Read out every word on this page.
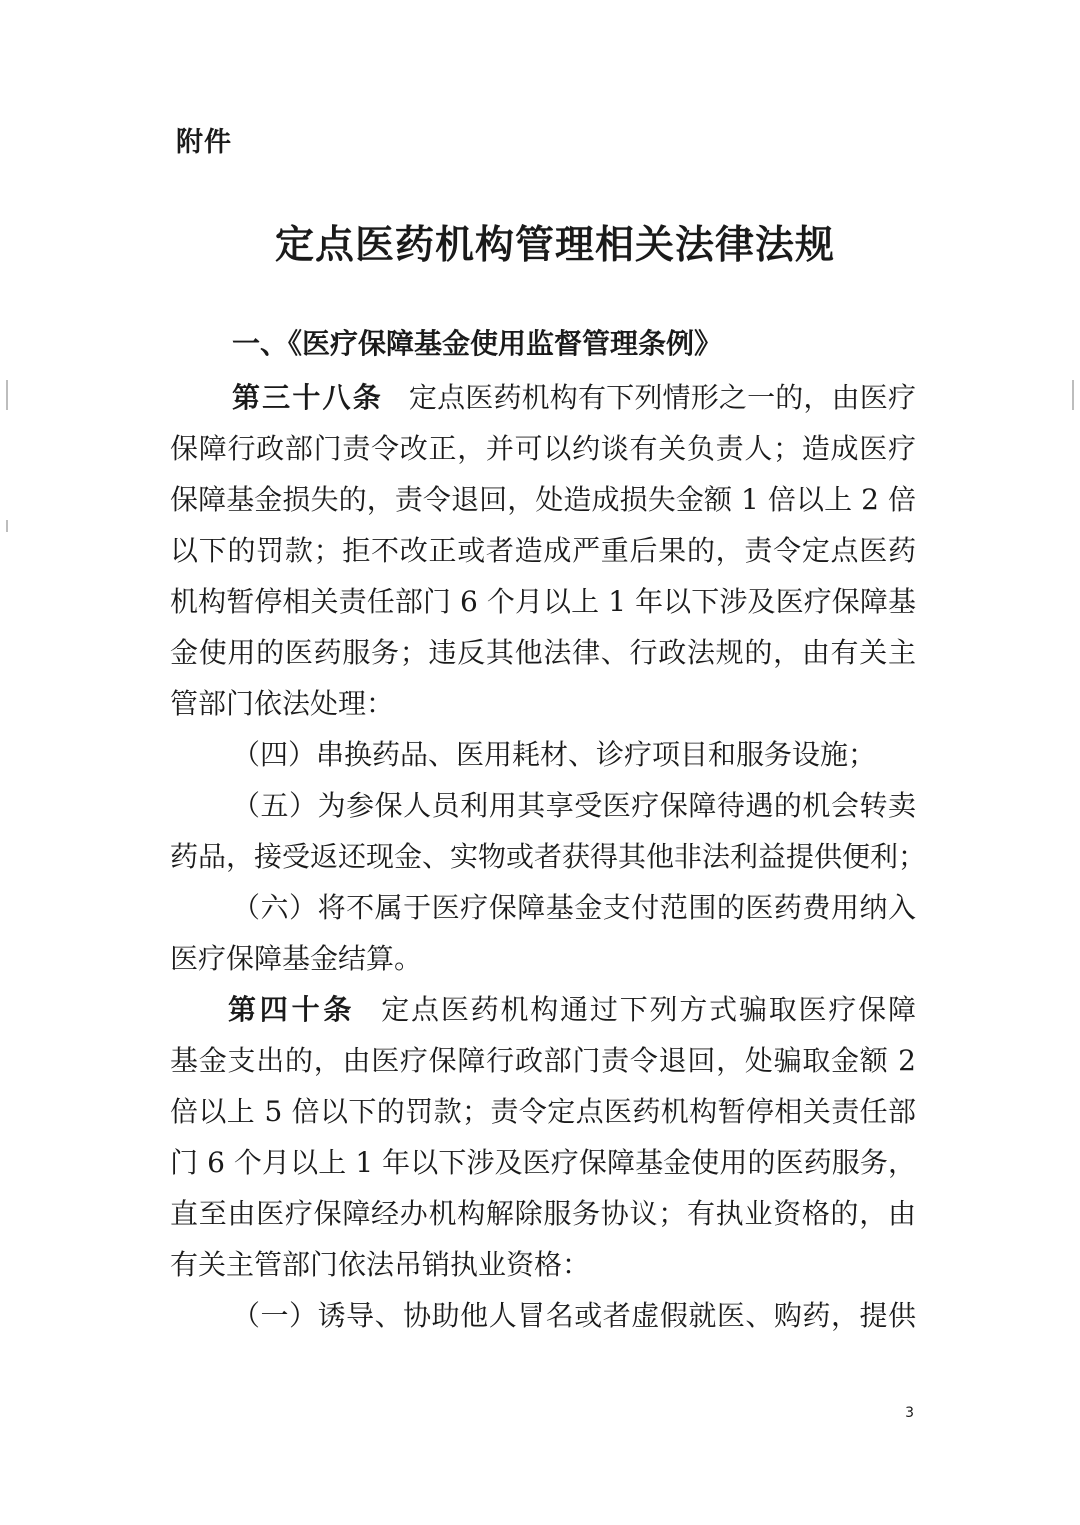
附件
定点医药机构管理相关法律法规
一、《医疗保障基金使用监督管理条例》
第三十八条 定点医药机构有下列情形之一的，由医疗
保障行政部门责令改正，并可以约谈有关负责人；造成医疗
保障基金损失的，责令退回，处造成损失金额 1 倍以上 2 倍
以下的罚款；拒不改正或者造成严重后果的，责令定点医药
机构暂停相关责任部门 6 个月以上 1 年以下涉及医疗保障基
金使用的医药服务；违反其他法律、行政法规的，由有关主
管部门依法处理：
（四）串换药品、医用耗材、诊疗项目和服务设施；
（五）为参保人员利用其享受医疗保障待遇的机会转卖
药品，接受返还现金、实物或者获得其他非法利益提供便利；
（六）将不属于医疗保障基金支付范围的医药费用纳入
医疗保障基金结算。
第四十条 定点医药机构通过下列方式骗取医疗保障
基金支出的，由医疗保障行政部门责令退回，处骗取金额 2
倍以上 5 倍以下的罚款；责令定点医药机构暂停相关责任部
门 6 个月以上 1 年以下涉及医疗保障基金使用的医药服务，
直至由医疗保障经办机构解除服务协议；有执业资格的，由
有关主管部门依法吊销执业资格：
（一）诱导、协助他人冒名或者虚假就医、购药，提供
3
